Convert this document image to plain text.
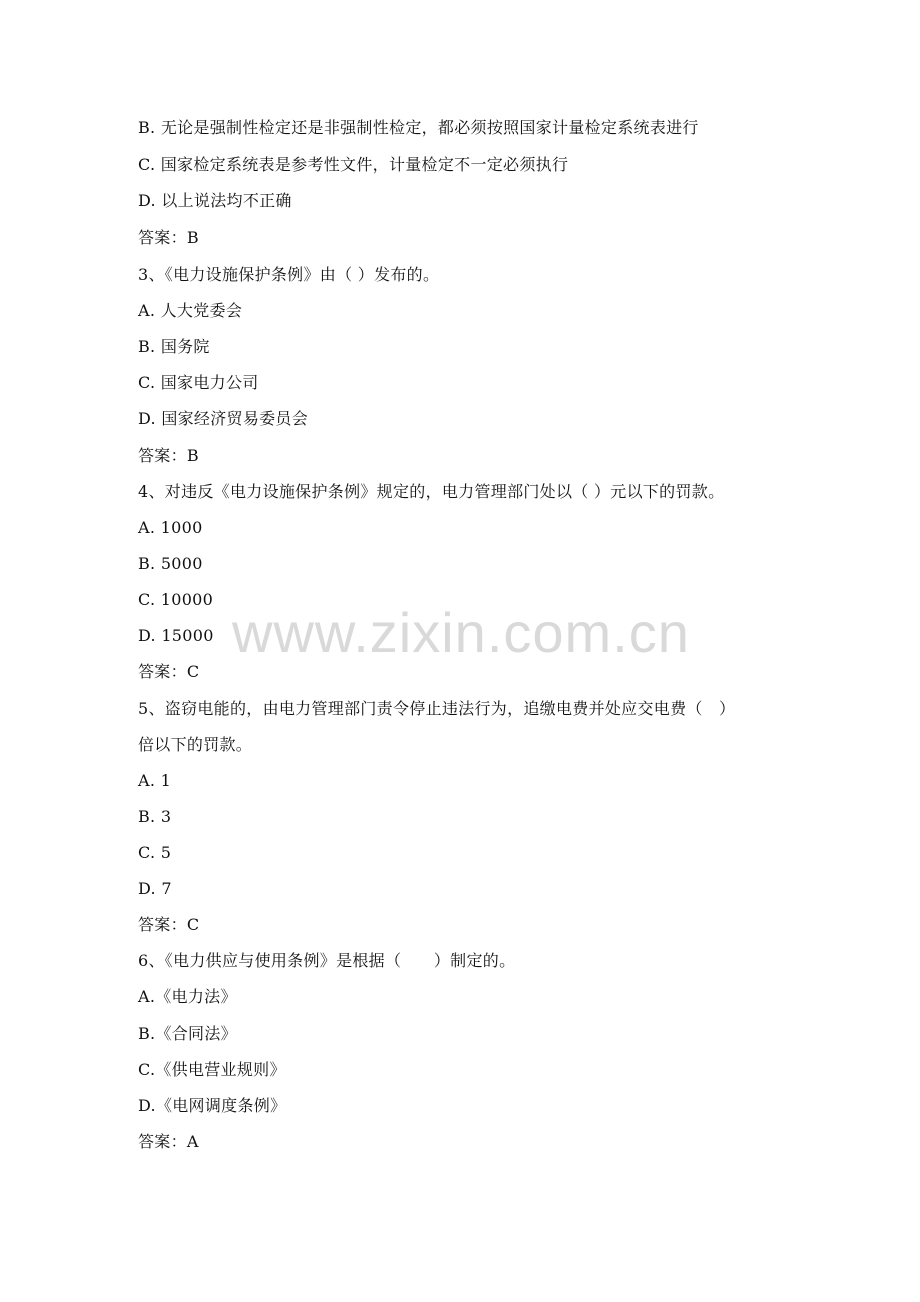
www.zixin.com.cn
B. 无论是强制性检定还是非强制性检定，都必须按照国家计量检定系统表进行
C. 国家检定系统表是参考性文件，计量检定不一定必须执行
D. 以上说法均不正确
答案：B
3、《电力设施保护条例》由（ ）发布的。
A. 人大党委会
B. 国务院
C. 国家电力公司
D. 国家经济贸易委员会
答案：B
4、对违反《电力设施保护条例》规定的，电力管理部门处以（ ）元以下的罚款。
A. 1000
B. 5000
C. 10000
D. 15000
答案：C
5、盗窃电能的，由电力管理部门责令停止违法行为，追缴电费并处应交电费（　）
倍以下的罚款。
A. 1
B. 3
C. 5
D. 7
答案：C
6、《电力供应与使用条例》是根据（　　）制定的。
A.《电力法》
B.《合同法》
C.《供电营业规则》
D.《电网调度条例》
答案：A
